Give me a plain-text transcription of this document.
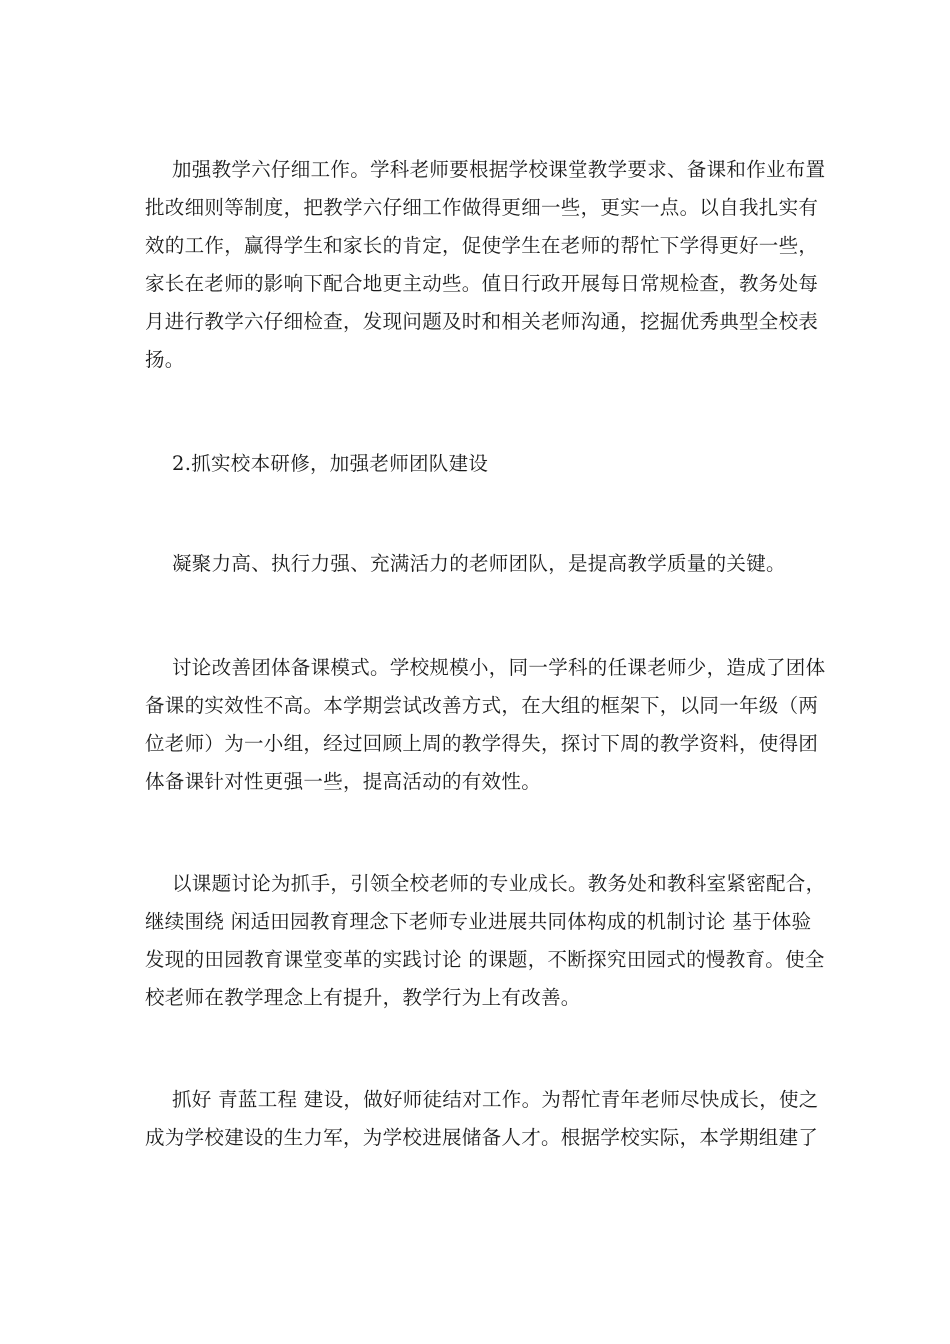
加强教学六仔细工作。学科老师要根据学校课堂教学要求、备课和作业布置
批改细则等制度，把教学六仔细工作做得更细一些，更实一点。以自我扎实有
效的工作，赢得学生和家长的肯定，促使学生在老师的帮忙下学得更好一些，
家长在老师的影响下配合地更主动些。值日行政开展每日常规检查，教务处每
月进行教学六仔细检查，发现问题及时和相关老师沟通，挖掘优秀典型全校表
扬。
2.抓实校本研修，加强老师团队建设
凝聚力高、执行力强、充满活力的老师团队，是提高教学质量的关键。
讨论改善团体备课模式。学校规模小，同一学科的任课老师少，造成了团体
备课的实效性不高。本学期尝试改善方式，在大组的框架下，以同一年级（两
位老师）为一小组，经过回顾上周的教学得失，探讨下周的教学资料，使得团
体备课针对性更强一些，提高活动的有效性。
以课题讨论为抓手，引领全校老师的专业成长。教务处和教科室紧密配合，
继续围绕 闲适田园教育理念下老师专业进展共同体构成的机制讨论 基于体验
发现的田园教育课堂变革的实践讨论 的课题，不断探究田园式的慢教育。使全
校老师在教学理念上有提升，教学行为上有改善。
抓好 青蓝工程 建设，做好师徒结对工作。为帮忙青年老师尽快成长，使之
成为学校建设的生力军，为学校进展储备人才。根据学校实际，本学期组建了
